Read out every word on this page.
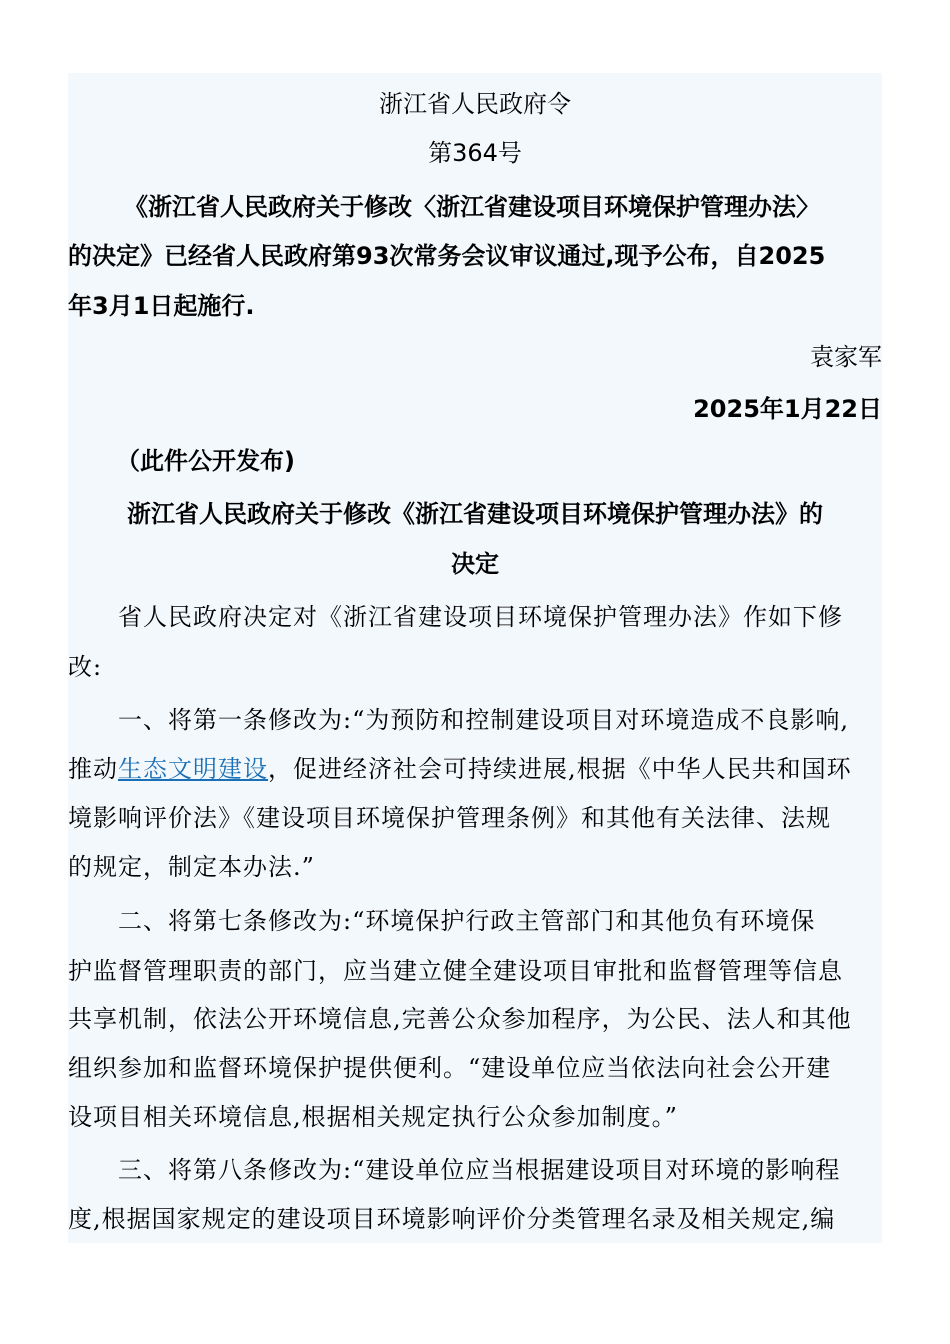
浙江省人民政府令
第364号
《浙江省人民政府关于修改〈浙江省建设项目环境保护管理办法〉
的决定》已经省人民政府第93次常务会议审议通过,现予公布，自2025
年3月1日起施行.
袁家军
2025年1月22日
（此件公开发布)
浙江省人民政府关于修改《浙江省建设项目环境保护管理办法》的
决定
省人民政府决定对《浙江省建设项目环境保护管理办法》作如下修
改:
一、将第一条修改为:“为预防和控制建设项目对环境造成不良影响,
推动生态文明建设，促进经济社会可持续进展,根据《中华人民共和国环
境影响评价法》《建设项目环境保护管理条例》和其他有关法律、法规
的规定，制定本办法.”
二、将第七条修改为:“环境保护行政主管部门和其他负有环境保
护监督管理职责的部门，应当建立健全建设项目审批和监督管理等信息
共享机制，依法公开环境信息,完善公众参加程序，为公民、法人和其他
组织参加和监督环境保护提供便利。“建设单位应当依法向社会公开建
设项目相关环境信息,根据相关规定执行公众参加制度。”
三、将第八条修改为:“建设单位应当根据建设项目对环境的影响程
度,根据国家规定的建设项目环境影响评价分类管理名录及相关规定,编
